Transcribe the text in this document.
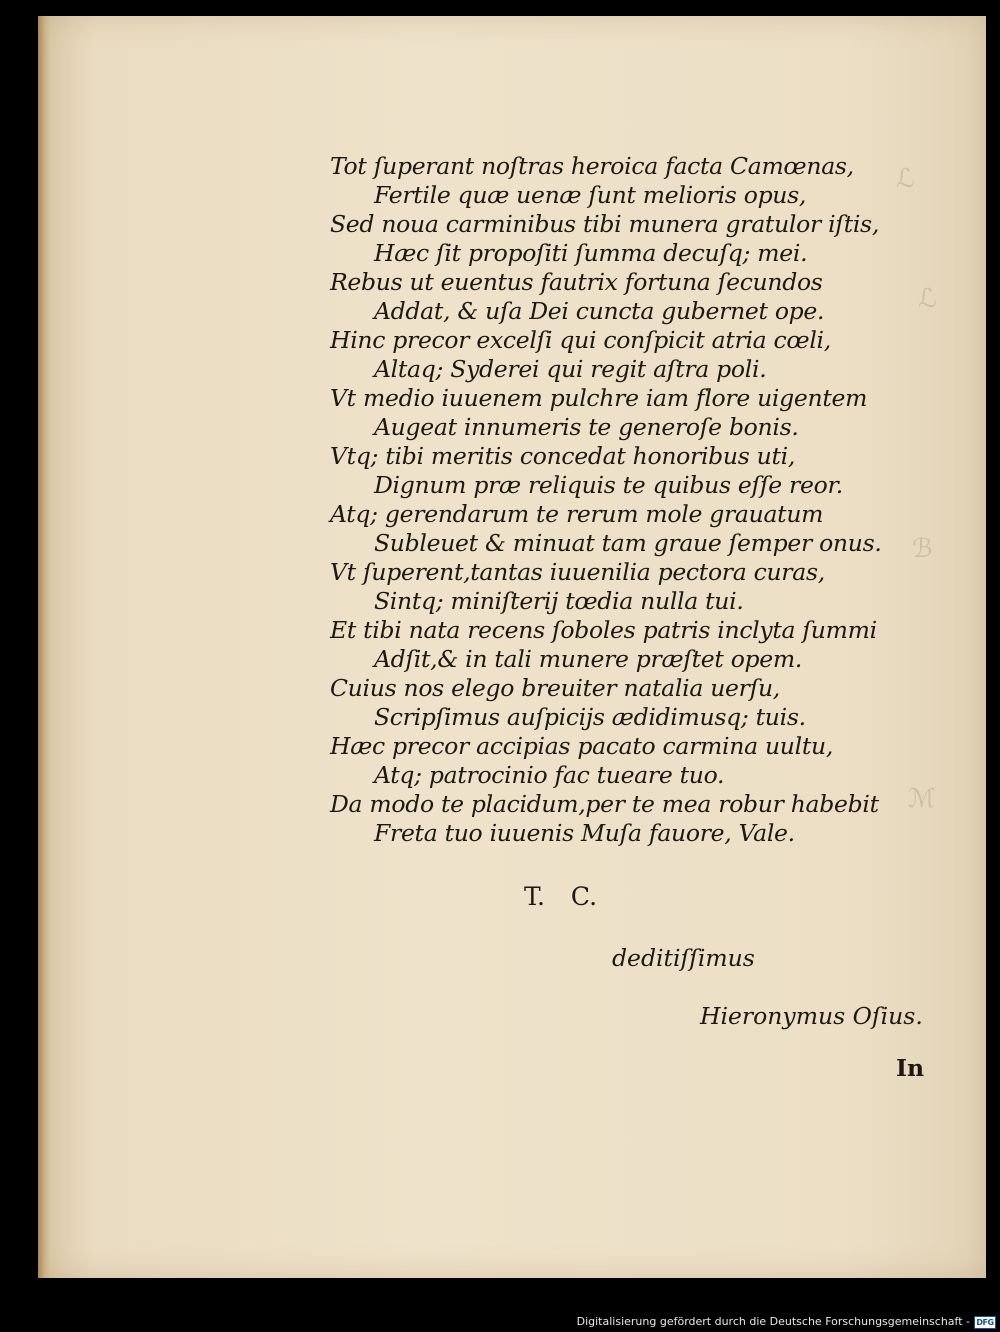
ℒ
ℒ
ℬ
ℳ
Tot ſuperant noſtras heroica facta Camœnas,
Fertile quæ uenæ ſunt melioris opus,
Sed noua carminibus tibi munera gratulor iſtis,
Hæc ſit propoſiti ſumma decuſq; mei.
Rebus ut euentus fautrix fortuna ſecundos
Addat, & uſa Dei cuncta gubernet ope.
Hinc precor excelſi qui conſpicit atria cœli,
Altaq; Syderei qui regit aſtra poli.
Vt medio iuuenem pulchre iam flore uigentem
Augeat innumeris te generoſe bonis.
Vtq; tibi meritis concedat honoribus uti,
Dignum præ reliquis te quibus eſſe reor.
Atq; gerendarum te rerum mole grauatum
Subleuet & minuat tam graue ſemper onus.
Vt ſuperent,tantas iuuenilia pectora curas,
Sintq; miniſterij tœdia nulla tui.
Et tibi nata recens ſoboles patris inclyta ſummi
Adſit,& in tali munere præſtet opem.
Cuius nos elego breuiter natalia uerſu,
Scripſimus auſpicijs ædidimusq; tuis.
Hæc precor accipias pacato carmina uultu,
Atq; patrocinio fac tueare tuo.
Da modo te placidum,per te mea robur habebit
Freta tuo iuuenis Muſa fauore, Vale.
T. C.
deditiſſimus
Hieronymus Oſius.
In
Digitalisierung gefördert durch die Deutsche Forschungsgemeinschaft - DFG
